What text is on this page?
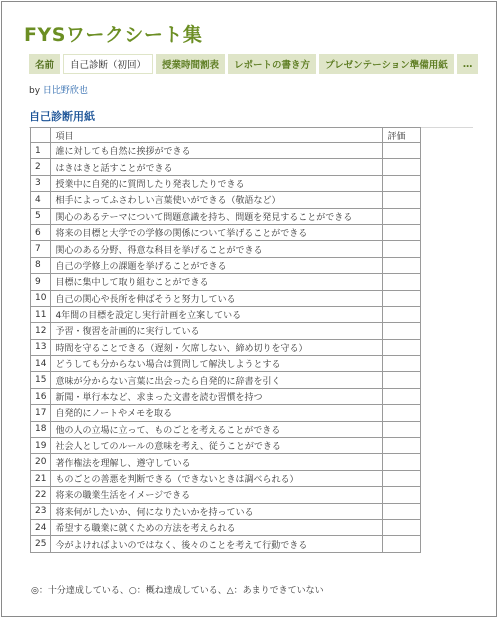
FYSワークシート集
名前	自己診断（初回）	授業時間割表	レポートの書き方	プレゼンテーション準備用紙	…
by 日比野欣也
自己診断用紙
	項目	評価
1	誰に対しても自然に挨拶ができる	
2	はきはきと話すことができる	
3	授業中に自発的に質問したり発表したりできる	
4	相手によってふさわしい言葉使いができる（敬語など）	
5	関心のあるテーマについて問題意識を持ち、問題を発見することができる	
6	将来の目標と大学での学修の関係について挙げることができる	
7	関心のある分野、得意な科目を挙げることができる	
8	自己の学修上の課題を挙げることができる	
9	目標に集中して取り組むことができる	
10	自己の関心や長所を伸ばそうと努力している	
11	4年間の目標を設定し実行計画を立案している	
12	予習・復習を計画的に実行している	
13	時間を守ることできる（遅刻・欠席しない、締め切りを守る）	
14	どうしても分からない場合は質問して解決しようとする	
15	意味が分からない言葉に出会ったら自発的に辞書を引く	
16	新聞・単行本など、求まった文書を読む習慣を持つ	
17	自発的にノートやメモを取る	
18	他の人の立場に立って、ものごとを考えることができる	
19	社会人としてのルールの意味を考え、従うことができる	
20	著作権法を理解し、遵守している	
21	ものごとの善悪を判断できる（できないときは調べられる）	
22	将来の職業生活をイメージできる	
23	将来何がしたいか、何になりたいかを持っている	
24	希望する職業に就くための方法を考えられる	
25	今がよければよいのではなく、後々のことを考えて行動できる	
◎：十分達成している、○：概ね達成している、△：あまりできていない
